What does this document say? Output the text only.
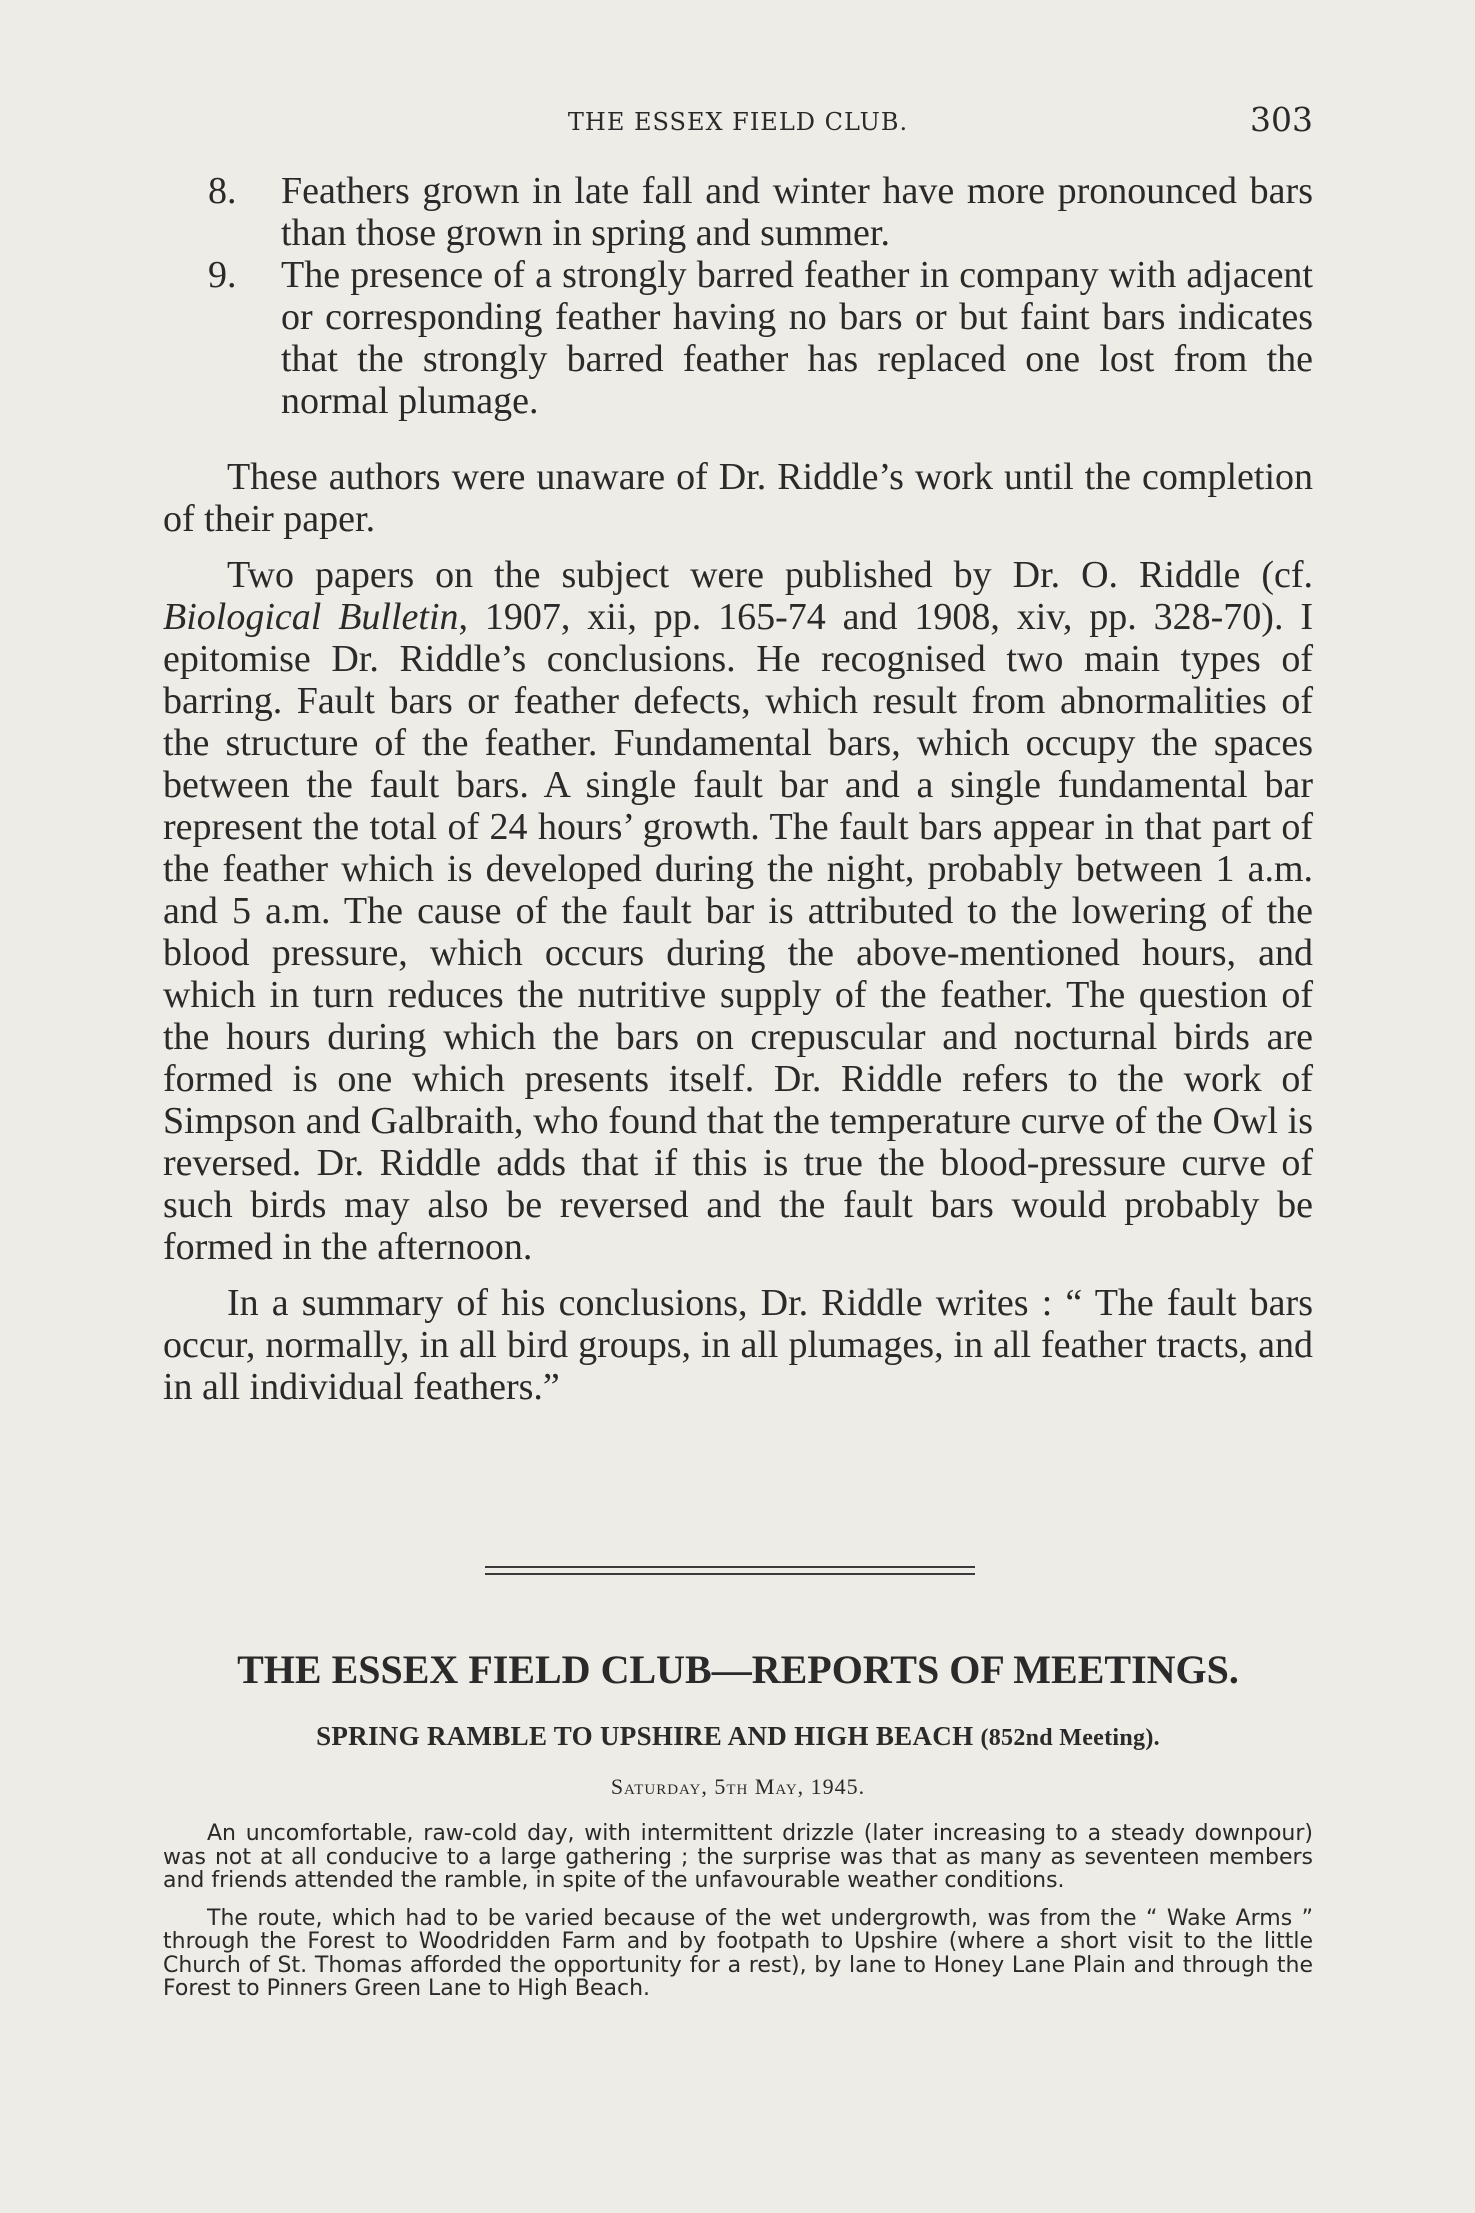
THE ESSEX FIELD CLUB.	303
8. Feathers grown in late fall and winter have more pronounced bars than those grown in spring and summer.
9. The presence of a strongly barred feather in company with adjacent or corresponding feather having no bars or but faint bars indicates that the strongly barred feather has replaced one lost from the normal plumage.

These authors were unaware of Dr. Riddle’s work until the completion of their paper.

Two papers on the subject were published by Dr. O. Riddle (cf. Biological Bulletin, 1907, xii, pp. 165-74 and 1908, xiv, pp. 328-70). I epitomise Dr. Riddle’s conclusions. He recognised two main types of barring. Fault bars or feather defects, which result from abnormalities of the structure of the feather. Fundamental bars, which occupy the spaces between the fault bars. A single fault bar and a single fundamental bar represent the total of 24 hours’ growth. The fault bars appear in that part of the feather which is developed during the night, probably between 1 a.m. and 5 a.m. The cause of the fault bar is attributed to the lowering of the blood pressure, which occurs during the above-mentioned hours, and which in turn reduces the nutritive supply of the feather. The question of the hours during which the bars on crepuscular and nocturnal birds are formed is one which presents itself. Dr. Riddle refers to the work of Simpson and Galbraith, who found that the temperature curve of the Owl is reversed. Dr. Riddle adds that if this is true the blood-pressure curve of such birds may also be reversed and the fault bars would probably be formed in the afternoon.

In a summary of his conclusions, Dr. Riddle writes : “ The fault bars occur, normally, in all bird groups, in all plumages, in all feather tracts, and in all individual feathers.”

THE ESSEX FIELD CLUB—REPORTS OF MEETINGS.
SPRING RAMBLE TO UPSHIRE AND HIGH BEACH (852nd Meeting).
Saturday, 5th May, 1945.

An uncomfortable, raw-cold day, with intermittent drizzle (later increasing to a steady downpour) was not at all conducive to a large gathering ; the surprise was that as many as seventeen members and friends attended the ramble, in spite of the unfavourable weather conditions.

The route, which had to be varied because of the wet undergrowth, was from the “ Wake Arms ” through the Forest to Woodridden Farm and by footpath to Upshire (where a short visit to the little Church of St. Thomas afforded the opportunity for a rest), by lane to Honey Lane Plain and through the Forest to Pinners Green Lane to High Beach.
